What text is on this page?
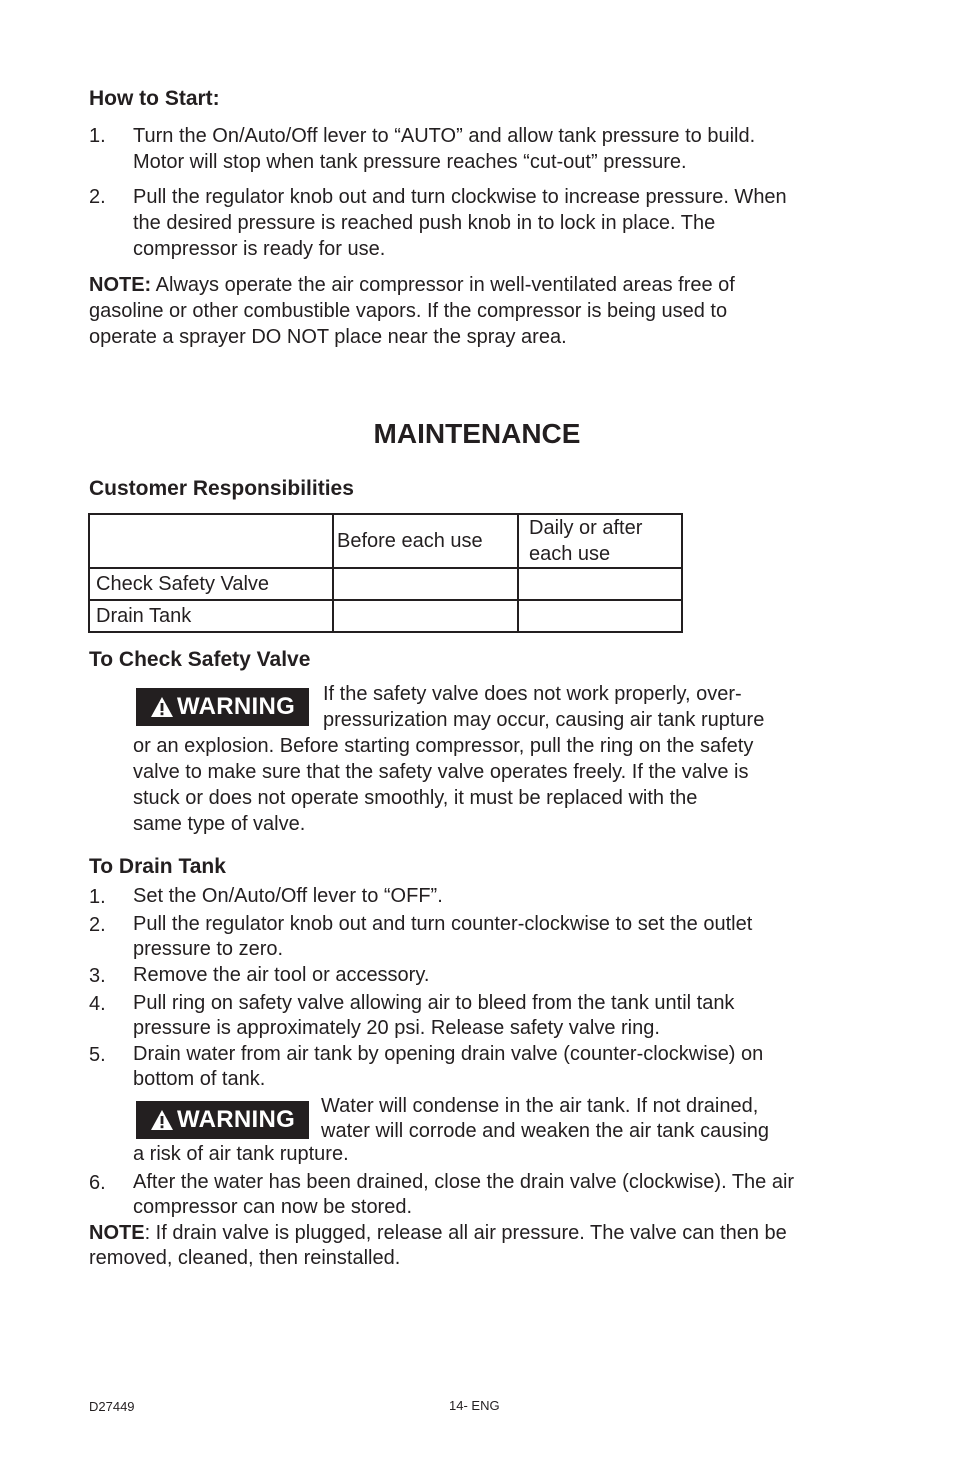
How to Start:
1. Turn the On/Auto/Off lever to “AUTO” and allow tank pressure to build.
Motor will stop when tank pressure reaches “cut-out” pressure.
2. Pull the regulator knob out and turn clockwise to increase pressure. When
the desired pressure is reached push knob in to lock in place. The
compressor is ready for use.
NOTE: Always operate the air compressor in well-ventilated areas free of
gasoline or other combustible vapors. If the compressor is being used to
operate a sprayer DO NOT place near the spray area.
MAINTENANCE
Customer Responsibilities
	Before each use	Daily or after
each use

Check Safety Valve		
Drain Tank		
To Check Safety Valve
WARNING If the safety valve does not work properly, over-
pressurization may occur, causing air tank rupture
or an explosion. Before starting compressor, pull the ring on the safety
valve to make sure that the safety valve operates freely. If the valve is
stuck or does not operate smoothly, it must be replaced with the
same type of valve.
To Drain Tank
1. Set the On/Auto/Off lever to “OFF”.
2. Pull the regulator knob out and turn counter-clockwise to set the outlet
pressure to zero.
3. Remove the air tool or accessory.
4. Pull ring on safety valve allowing air to bleed from the tank until tank
pressure is approximately 20 psi. Release safety valve ring.
5. Drain water from air tank by opening drain valve (counter-clockwise) on
bottom of tank.
WARNING Water will condense in the air tank. If not drained,
water will corrode and weaken the air tank causing
a risk of air tank rupture.
6. After the water has been drained, close the drain valve (clockwise). The air
compressor can now be stored.
NOTE: If drain valve is plugged, release all air pressure. The valve can then be
removed, cleaned, then reinstalled.
D27449	14- ENG
